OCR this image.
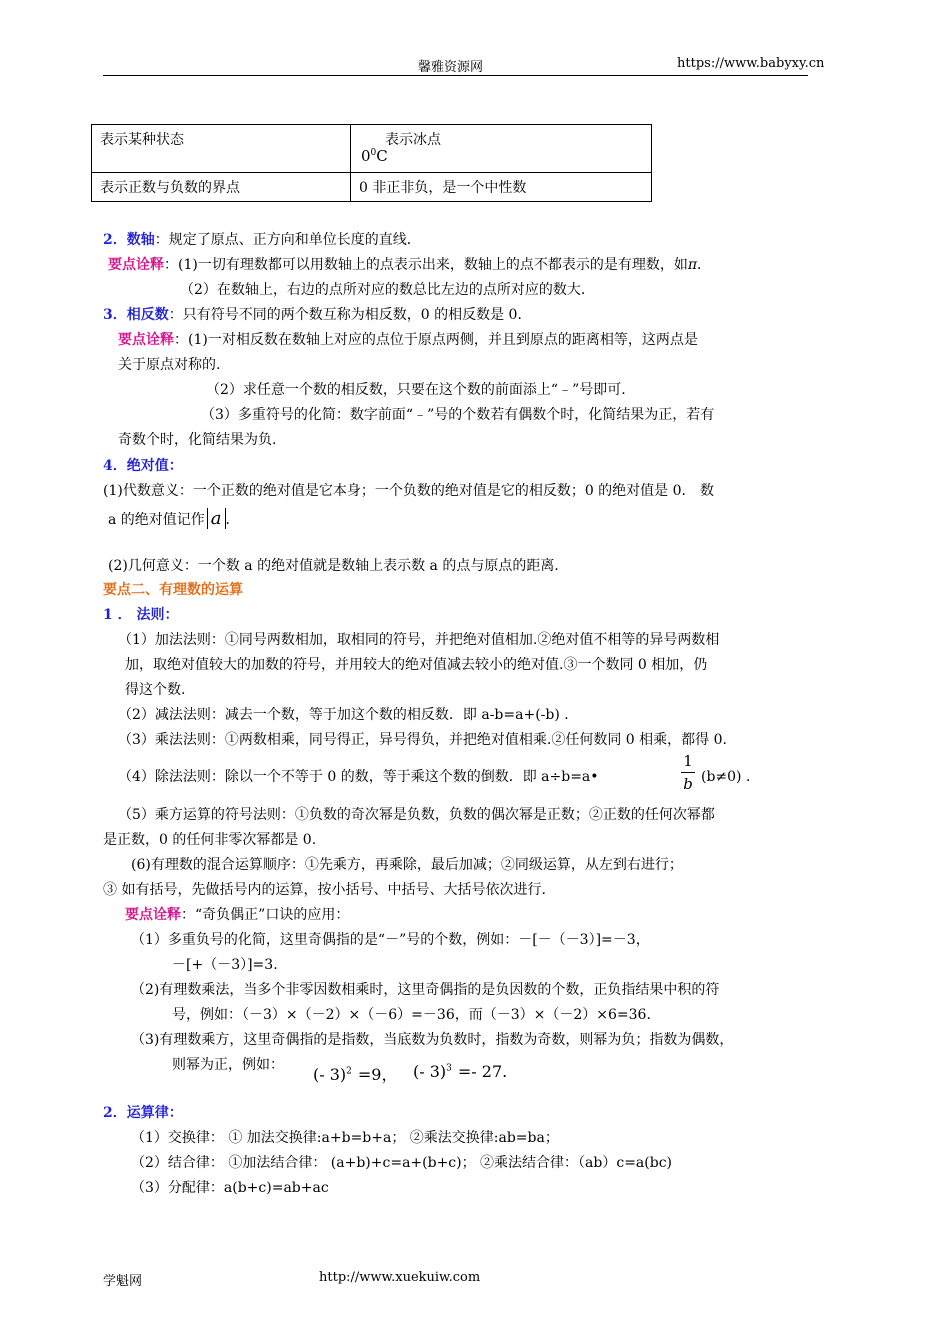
馨雅资源网	https://www.babyxy.cn
表示某种状态	表示冰点
$0^0C$

表示正数与负数的界点	0 非正非负，是一个中性数
2．数轴：规定了原点、正方向和单位长度的直线．
要点诠释：(1)一切有理数都可以用数轴上的点表示出来，数轴上的点不都表示的是有理数，如π．
（2）在数轴上，右边的点所对应的数总比左边的点所对应的数大.
3．相反数：只有符号不同的两个数互称为相反数，0 的相反数是 0．
要点诠释：(1)一对相反数在数轴上对应的点位于原点两侧，并且到原点的距离相等，这两点是
关于原点对称的.
（2）求任意一个数的相反数，只要在这个数的前面添上“﹣”号即可.
（3）多重符号的化简：数字前面“﹣”号的个数若有偶数个时，化简结果为正，若有
奇数个时，化简结果为负.
4．绝对值：
(1)代数意义：一个正数的绝对值是它本身；一个负数的绝对值是它的相反数；0 的绝对值是 0． 数
a 的绝对值记作 a ．
(2)几何意义：一个数 a 的绝对值就是数轴上表示数 a 的点与原点的距离．
要点二、有理数的运算
1 ． 法则：
（1）加法法则：①同号两数相加，取相同的符号，并把绝对值相加.②绝对值不相等的异号两数相
加，取绝对值较大的加数的符号，并用较大的绝对值减去较小的绝对值.③一个数同 0 相加，仍
得这个数.
（2）减法法则：减去一个数，等于加这个数的相反数．即 a-b=a+(-b) ．
（3）乘法法则：①两数相乘，同号得正，异号得负，并把绝对值相乘.②任何数同 0 相乘，都得 0.
（4）除法法则：除以一个不等于 0 的数，等于乘这个数的倒数．即 a÷b=a•
1
b (b≠0) ．
（5）乘方运算的符号法则：①负数的奇次幂是负数，负数的偶次幂是正数；②正数的任何次幂都
是正数，0 的任何非零次幂都是 0.
(6)有理数的混合运算顺序：①先乘方，再乘除，最后加减；②同级运算，从左到右进行；
③ 如有括号，先做括号内的运算，按小括号、中括号、大括号依次进行.
要点诠释：“奇负偶正”口诀的应用：
（1）多重负号的化简，这里奇偶指的是“－”号的个数，例如：－[－（－3）]=－3，
－[+（－3）]=3.
（2)有理数乘法，当多个非零因数相乘时，这里奇偶指的是负因数的个数，正负指结果中积的符
号，例如：（－3）×（－2）×（－6）=－36，而（－3）×（－2）×6=36.
（3)有理数乘方，这里奇偶指的是指数，当底数为负数时，指数为奇数，则幂为负；指数为偶数，
则幂为正，例如： (- 3)$^2$ =9， (- 3)$^3$ =- 27.
2．运算律：
（1）交换律： ① 加法交换律:a+b=b+a； ②乘法交换律:ab=ba；
（2）结合律： ①加法结合律： (a+b)+c=a+(b+c)； ②乘法结合律：（ab）c=a(bc)
（3）分配律：a(b+c)=ab+ac
学魁网	http://www.xuekuiw.com
